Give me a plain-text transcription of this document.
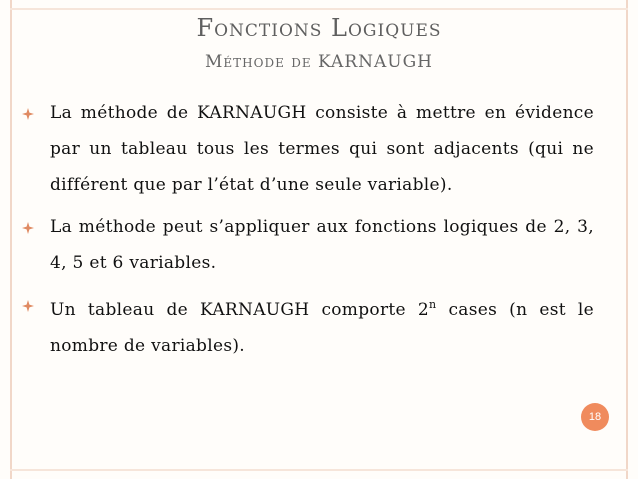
Fonctions Logiques
Méthode de KARNAUGH
La méthode de KARNAUGH consiste à mettre en évidence par un tableau tous les termes qui sont adjacents (qui ne différent que par l’état d’une seule variable).
La méthode peut s’appliquer aux fonctions logiques de 2, 3, 4, 5 et 6 variables.
Un tableau de KARNAUGH comporte 2$^n$ cases (n est le nombre de variables).
18
